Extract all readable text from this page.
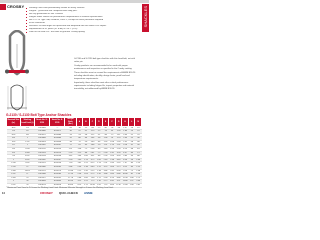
CROSBY	SHACKLES
Working Load Limit permanently shown on every shackle.
Forged - Quenched and Tempered with alloy pins.
Hot Dip galvanized or Self Colored.
Fatigue rated. Meets the performance requirements of Federal Specification
RR-C-271F Type IVA, Grade A, Class 2, except for those provisions required
of the contractor.
Shackles 55t and larger are quenched and tempered and can meet DNV impact
requirements of 42 joules (31 ft-lbf) at -20 C (-4 F).
Look for the Red Pin - the mark of genuine Crosby quality.

G-2130 and S-2130 bolt type shackles with thin head bolt, nut with cotter pin.

Crosby products are recommended to be used with proper maintenance and inspection as specified in the Crosby catalog.

These shackles meet or exceed the requirements of ASME B30.26 including identification, ductility, design factor, proof load and temperature requirements.

Importantly, these shackles meet other critical performance requirements including fatigue life, impact properties and material traceability, not addressed by ASME B30.26.

G-2130 / S-2130 Bolt Type Anchor Shackles
Nominal Size (in.)	Working Load Limit (t)	Stock No. G-2130	Stock No. S-2130	Weight Each (lbs.)	A	B	C	D	E	F	G	H	L	M
3/16	1/3	1019464	—	.06	.38	.25	.88	.19	.60	.56	.98	1.47	.16	.19
1/4	1/2	1019466	1019471	.10	.47	.31	1.13	.25	.78	.61	1.28	1.84	.19	.25
5/16	3/4	1019475	1019480	.19	.53	.38	1.22	.31	.84	.75	1.47	2.09	.22	.31
3/8	1	1019484	1019489	.31	.66	.44	1.44	.38	1.03	.91	1.78	2.49	.25	.38
7/16	1-1/2	1019493	1019498	.38	.75	.50	1.69	.44	1.16	1.06	2.03	2.91	.28	.44
1/2	2	1019502	1019507	.72	.81	.63	1.88	.50	1.31	1.19	2.31	3.28	.31	.50
5/8	3-1/4	1019515	1019520	1.37	1.06	.75	2.38	.63	1.69	1.50	2.94	4.19	.38	.63
3/4	4-3/4	1019524	1019529	2.35	1.25	.88	2.81	.75	2.00	1.81	3.50	4.97	.44	.75
7/8	6-1/2	1019533	1019538	3.62	1.44	1.00	3.31	.88	2.28	2.09	4.03	5.83	.50	.88
1	8-1/2	1019542	1019547	5.30	1.69	1.13	3.75	1.00	2.69	2.38	4.69	6.56	.56	1.00
1-1/8	9-1/2	1019551	1019556	7.18	1.81	1.25	4.25	1.13	2.91	2.69	5.16	7.47	.63	1.13
1-1/4	12	1019560	1019565	9.86	2.03	1.38	4.69	1.25	3.25	3.00	5.75	8.25	.69	1.25
1-3/8	13-1/2	1019579	1019574	12.68	2.25	1.50	5.25	1.38	3.66	3.31	6.38	9.16	.75	1.38
1-1/2	17	1019588	1019583	17.50	2.38	1.63	5.75	1.50	3.88	3.63	6.88	10.00	.81	1.50
1-3/4	25	1019597	1019592	27.78	2.88	2.00	7.00	1.75	5.00	4.19	8.86	12.34	1.00	1.75
2	35	1019604	1019609	41.00	3.25	2.25	7.75	2.10	5.75	4.81	9.97	13.68	1.22	2.00
2-1/2	55	1019613	1019618	83.00	4.13	2.75	10.50	2.62	7.25	6.00	12.87	17.84	1.44	2.62
* Maximum Proof Load is 2.0 times the Working Load Limit. Minimum Ultimate Strength is 6 times the Working Load Limit.
14	CROSBY QUIC-CHECK ASME
